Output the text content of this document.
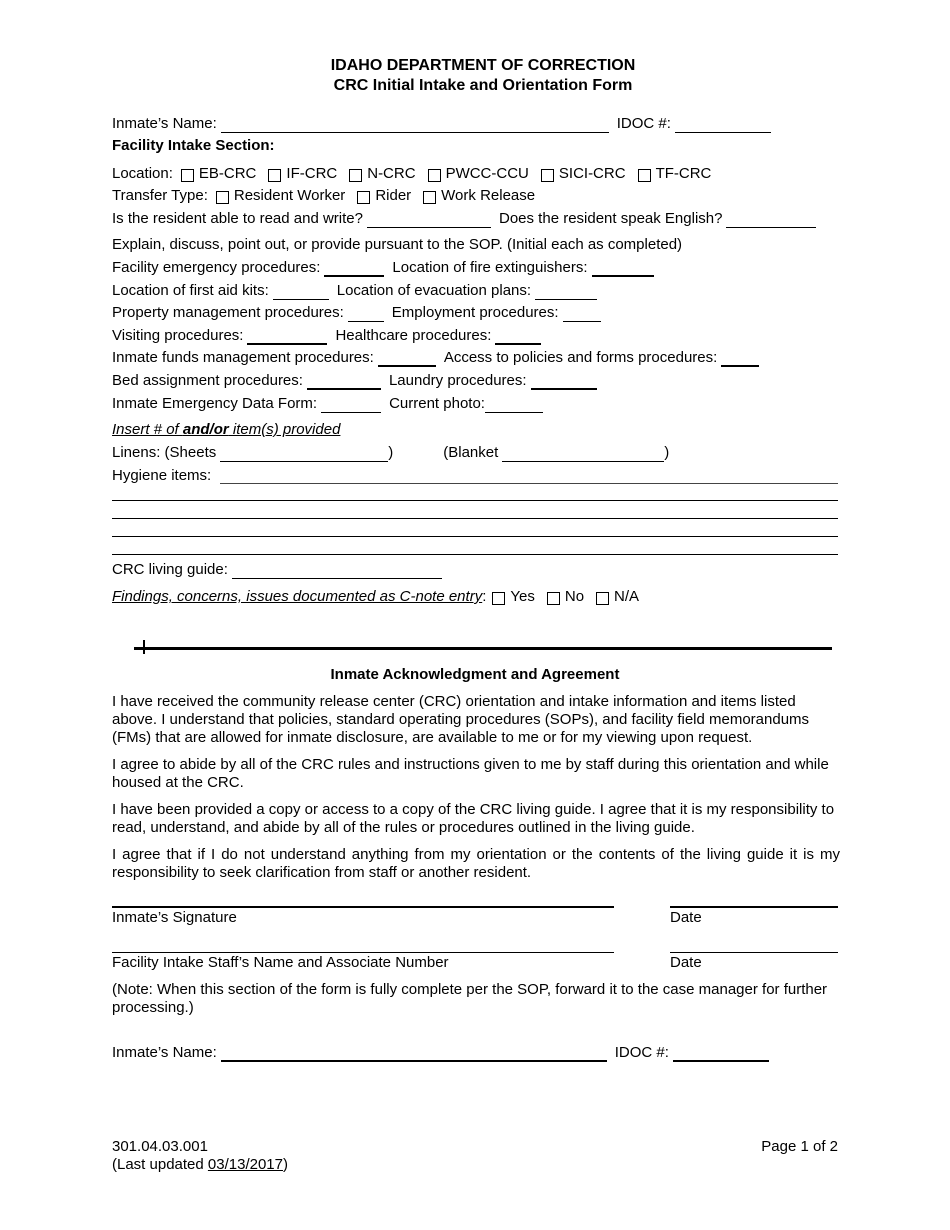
IDAHO DEPARTMENT OF CORRECTION
CRC Initial Intake and Orientation Form
Inmate’s Name:	IDOC #:
Facility Intake Section:
Location: EB-CRC IF-CRC N-CRC PWCC-CCU SICI-CRC TF-CRC
Transfer Type: Resident Worker Rider Work Release
Is the resident able to read and write?	Does the resident speak English?
Explain, discuss, point out, or provide pursuant to the SOP. (Initial each as completed)
Facility emergency procedures:	Location of fire extinguishers:
Location of first aid kits:	Location of evacuation plans:
Property management procedures:	Employment procedures:
Visiting procedures:	Healthcare procedures:
Inmate funds management procedures:	Access to policies and forms procedures:
Bed assignment procedures:	Laundry procedures:
Inmate Emergency Data Form:	Current photo:
Insert # of and/or item(s) provided
Linens: (Sheets	)	(Blanket	)
Hygiene items:
CRC living guide:
Findings, concerns, issues documented as C-note entry : Yes No N/A
Inmate Acknowledgment and Agreement
I have received the community release center (CRC) orientation and intake information and items listed above. I understand that policies, standard operating procedures (SOPs), and facility field memorandums (FMs) that are allowed for inmate disclosure, are available to me or for my viewing upon request.
I agree to abide by all of the CRC rules and instructions given to me by staff during this orientation and while housed at the CRC.
I have been provided a copy or access to a copy of the CRC living guide. I agree that it is my responsibility to read, understand, and abide by all of the rules or procedures outlined in the living guide.
I agree that if I do not understand anything from my orientation or the contents of the living guide it is my responsibility to seek clarification from staff or another resident.
Inmate’s Signature	Date
Facility Intake Staff’s Name and Associate Number	Date
(Note: When this section of the form is fully complete per the SOP, forward it to the case manager for further processing.)
Inmate’s Name:	IDOC #:
301.04.03.001
(Last updated 03/13/2017)
Page 1 of 2
